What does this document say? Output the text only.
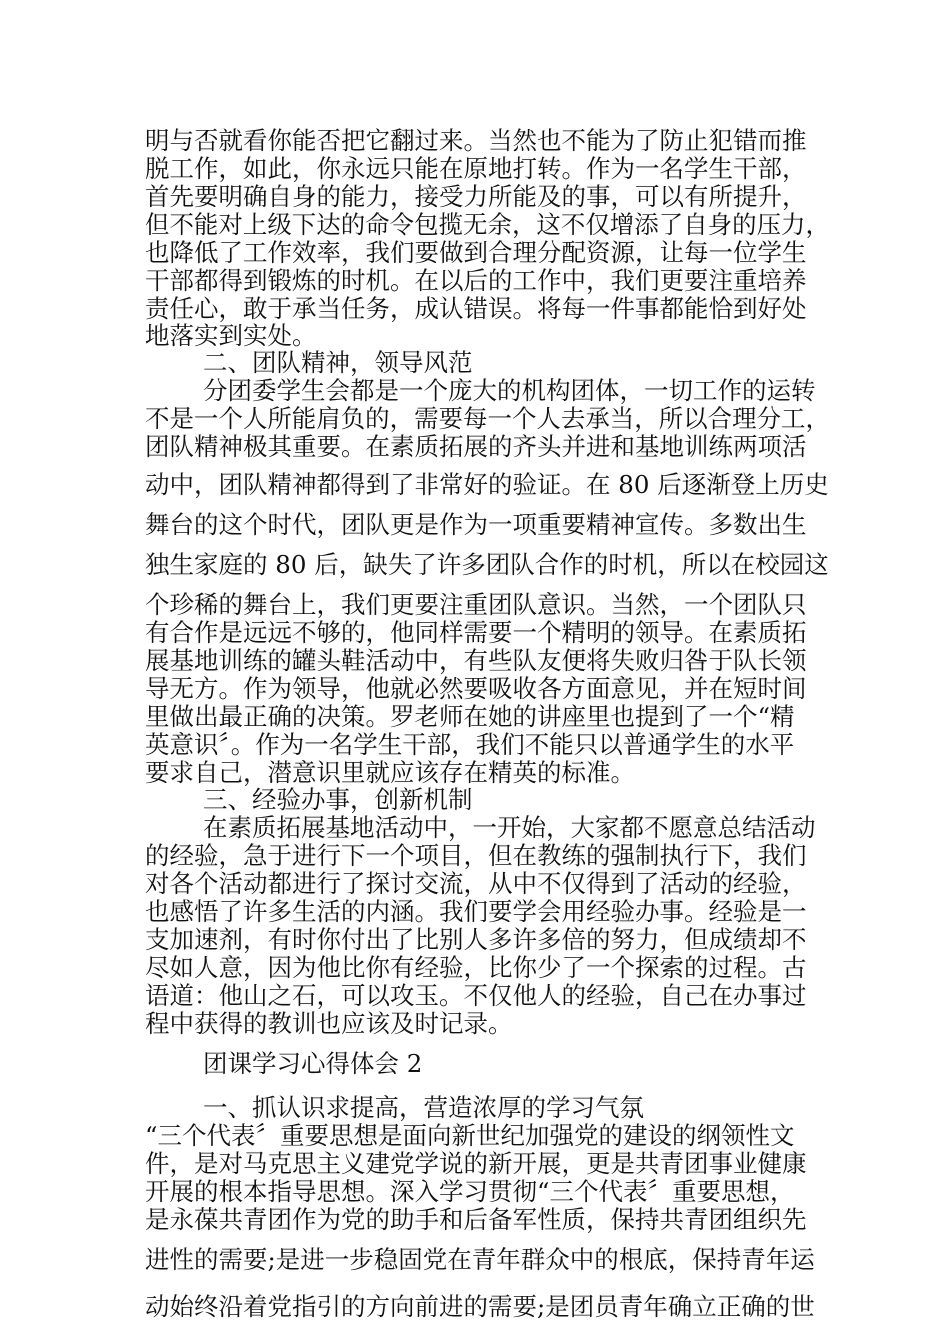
明与否就看你能否把它翻过来。当然也不能为了防止犯错而推

脱工作，如此，你永远只能在原地打转。作为一名学生干部，

首先要明确自身的能力，接受力所能及的事，可以有所提升，

但不能对上级下达的命令包揽无余，这不仅增添了自身的压力，

也降低了工作效率，我们要做到合理分配资源，让每一位学生

干部都得到锻炼的时机。在以后的工作中，我们更要注重培养

责任心，敢于承当任务，成认错误。将每一件事都能恰到好处

地落实到实处。

二、团队精神，领导风范

分团委学生会都是一个庞大的机构团体，一切工作的运转

不是一个人所能肩负的，需要每一个人去承当，所以合理分工，

团队精神极其重要。在素质拓展的齐头并进和基地训练两项活

动中，团队精神都得到了非常好的验证。在 80 后逐渐登上历史

舞台的这个时代，团队更是作为一项重要精神宣传。多数出生

独生家庭的 80 后，缺失了许多团队合作的时机，所以在校园这

个珍稀的舞台上，我们更要注重团队意识。当然，一个团队只

有合作是远远不够的，他同样需要一个精明的领导。在素质拓

展基地训练的罐头鞋活动中，有些队友便将失败归咎于队长领

导无方。作为领导，他就必然要吸收各方面意见，并在短时间

里做出最正确的决策。罗老师在她的讲座里也提到了一个“精

英意识〞。作为一名学生干部，我们不能只以普通学生的水平

要求自己，潜意识里就应该存在精英的标准。

三、经验办事，创新机制

在素质拓展基地活动中，一开始，大家都不愿意总结活动

的经验，急于进行下一个项目，但在教练的强制执行下，我们

对各个活动都进行了探讨交流，从中不仅得到了活动的经验，

也感悟了许多生活的内涵。我们要学会用经验办事。经验是一

支加速剂，有时你付出了比别人多许多倍的努力，但成绩却不

尽如人意，因为他比你有经验，比你少了一个探索的过程。古

语道：他山之石，可以攻玉。不仅他人的经验，自己在办事过

程中获得的教训也应该及时记录。

团课学习心得体会 2

一、抓认识求提高，营造浓厚的学习气氛

“三个代表〞重要思想是面向新世纪加强党的建设的纲领性文

件，是对马克思主义建党学说的新开展，更是共青团事业健康

开展的根本指导思想。深入学习贯彻“三个代表〞重要思想，

是永葆共青团作为党的助手和后备军性质，保持共青团组织先

进性的需要;是进一步稳固党在青年群众中的根底，保持青年运

动始终沿着党指引的方向前进的需要;是团员青年确立正确的世
